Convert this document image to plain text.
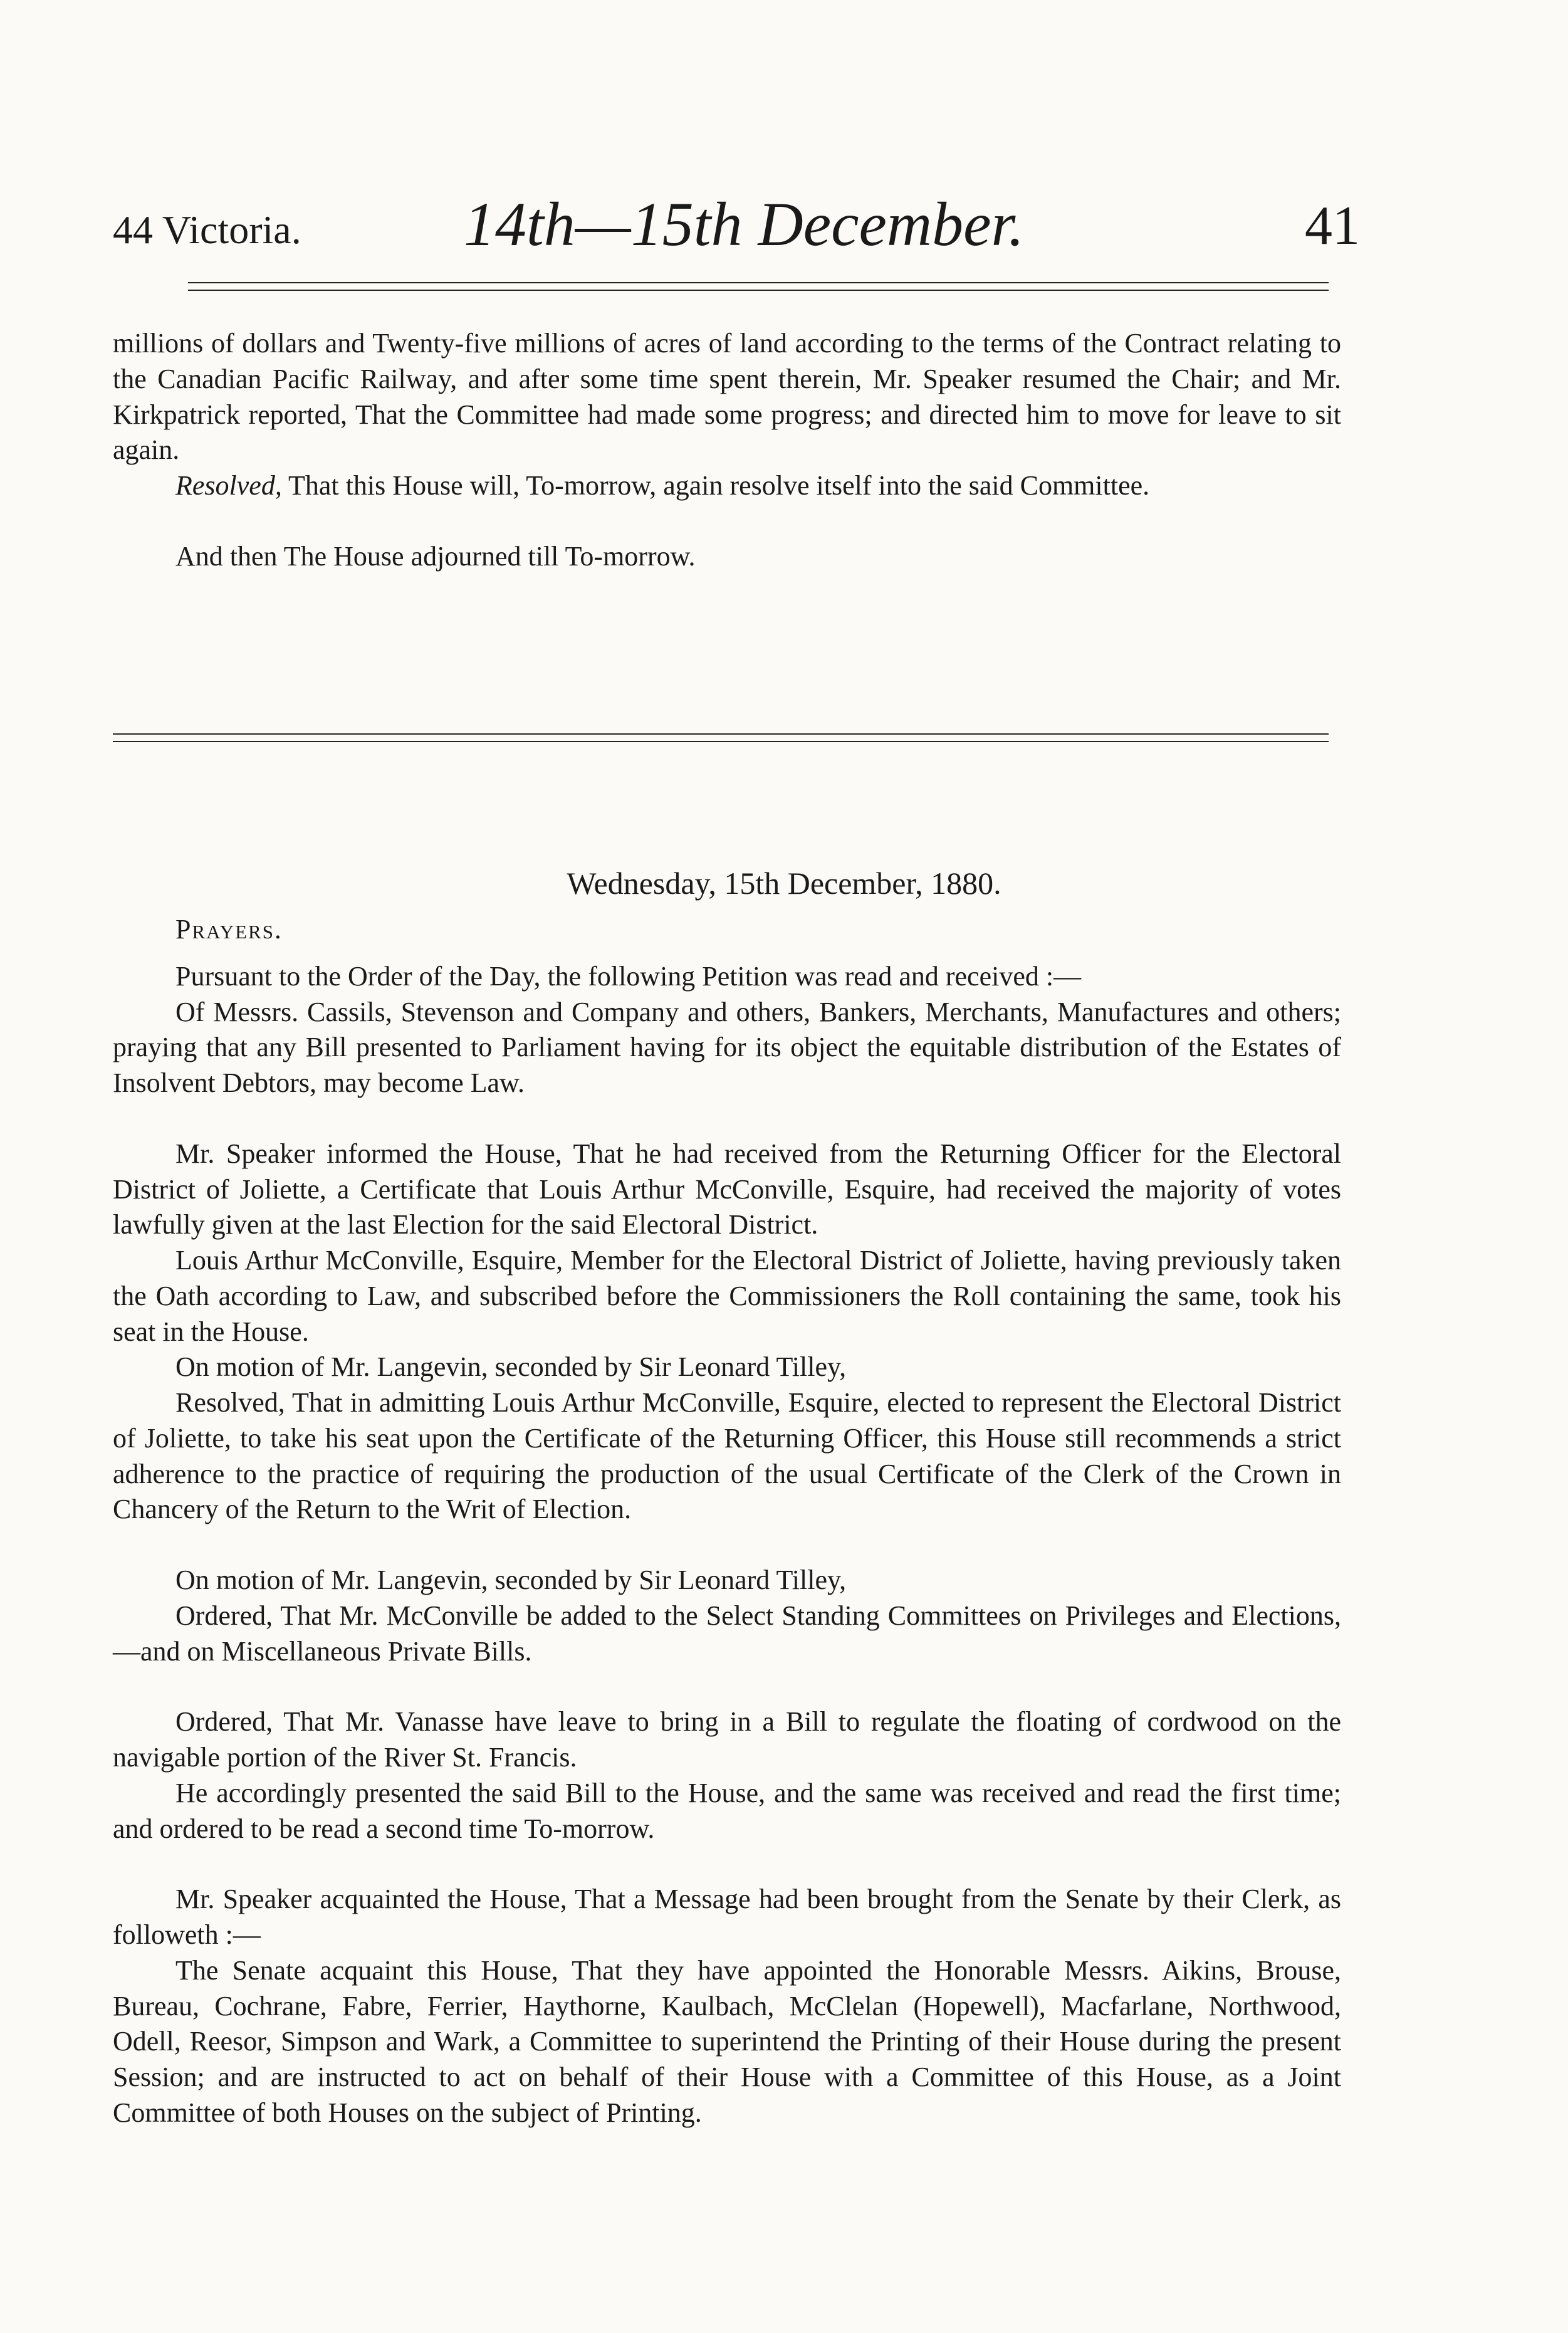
44 Victoria.	14th—15th December.	41

millions of dollars and Twenty-five millions of acres of land according to the terms of the Contract relating to the Canadian Pacific Railway, and after some time spent therein, Mr. Speaker resumed the Chair; and Mr. Kirkpatrick reported, That the Committee had made some progress; and directed him to move for leave to sit again.

Resolved, That this House will, To-morrow, again resolve itself into the said Committee.

And then The House adjourned till To-morrow.

Wednesday, 15th December, 1880.

Prayers.

Pursuant to the Order of the Day, the following Petition was read and received :—

Of Messrs. Cassils, Stevenson and Company and others, Bankers, Merchants, Manufactures and others; praying that any Bill presented to Parliament having for its object the equitable distribution of the Estates of Insolvent Debtors, may become Law.

Mr. Speaker informed the House, That he had received from the Returning Officer for the Electoral District of Joliette, a Certificate that Louis Arthur McConville, Esquire, had received the majority of votes lawfully given at the last Election for the said Electoral District.

Louis Arthur McConville, Esquire, Member for the Electoral District of Joliette, having previously taken the Oath according to Law, and subscribed before the Commissioners the Roll containing the same, took his seat in the House.

On motion of Mr. Langevin, seconded by Sir Leonard Tilley,

Resolved, That in admitting Louis Arthur McConville, Esquire, elected to represent the Electoral District of Joliette, to take his seat upon the Certificate of the Returning Officer, this House still recommends a strict adherence to the practice of requiring the production of the usual Certificate of the Clerk of the Crown in Chancery of the Return to the Writ of Election.

On motion of Mr. Langevin, seconded by Sir Leonard Tilley,

Ordered, That Mr. McConville be added to the Select Standing Committees on Privileges and Elections,—and on Miscellaneous Private Bills.

Ordered, That Mr. Vanasse have leave to bring in a Bill to regulate the floating of cordwood on the navigable portion of the River St. Francis.

He accordingly presented the said Bill to the House, and the same was received and read the first time; and ordered to be read a second time To-morrow.

Mr. Speaker acquainted the House, That a Message had been brought from the Senate by their Clerk, as followeth :—

The Senate acquaint this House, That they have appointed the Honorable Messrs. Aikins, Brouse, Bureau, Cochrane, Fabre, Ferrier, Haythorne, Kaulbach, McClelan (Hopewell), Macfarlane, Northwood, Odell, Reesor, Simpson and Wark, a Committee to superintend the Printing of their House during the present Session; and are instructed to act on behalf of their House with a Committee of this House, as a Joint Committee of both Houses on the subject of Printing.
